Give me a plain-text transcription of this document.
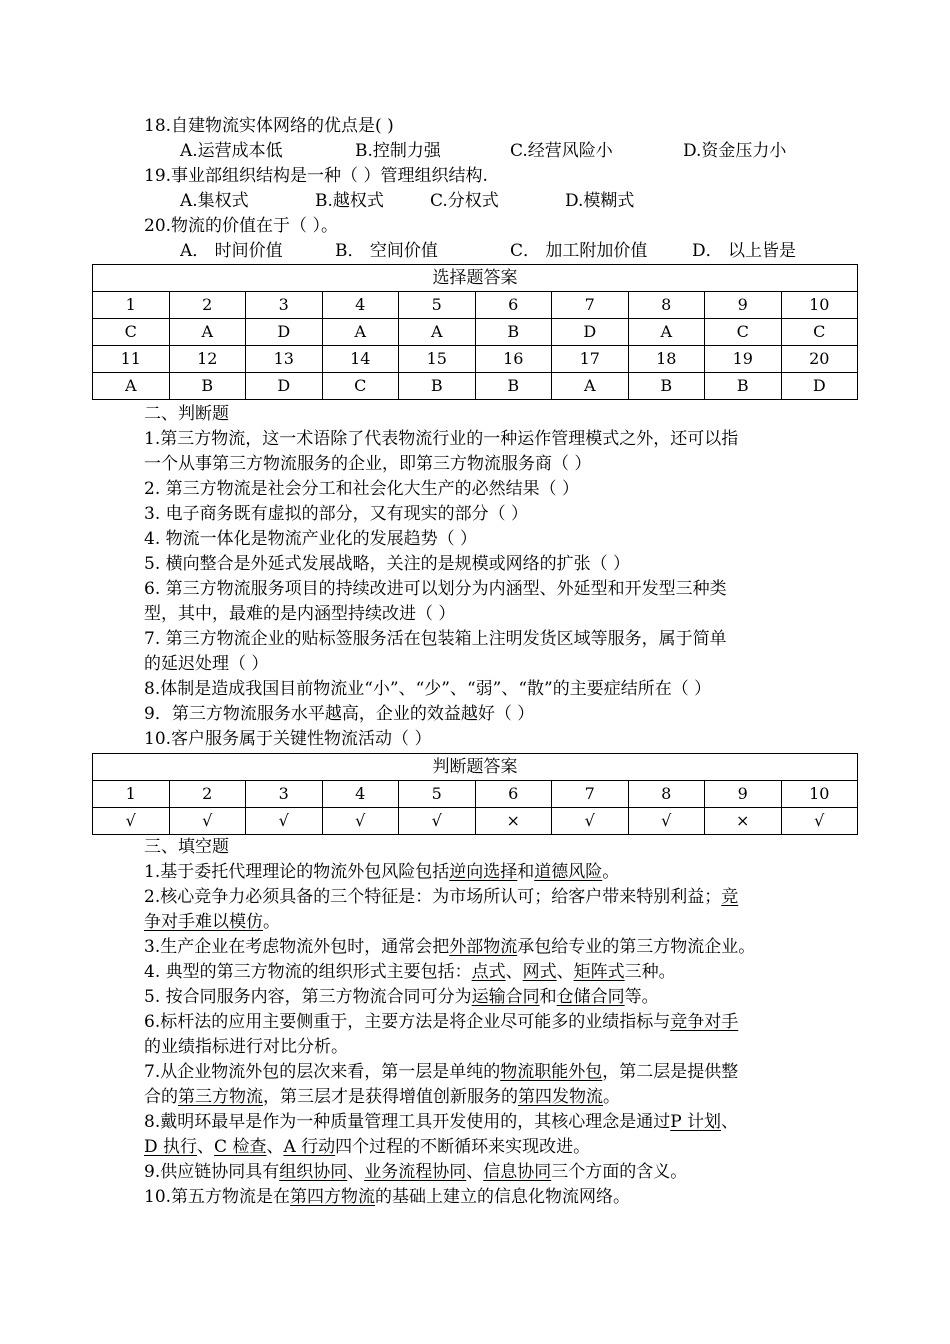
18.自建物流实体网络的优点是( )
A.运营成本低	B.控制力强	C.经营风险小	D.资金压力小
19.事业部组织结构是一种（ ）管理组织结构.
A.集权式	B.越权式	C.分权式	D.模糊式
20.物流的价值在于（ ）。
A． 时间价值	B． 空间价值	C． 加工附加价值	D． 以上皆是
选择题答案									
1	2	3	4	5	6	7	8	9	10
C	A	D	A	A	B	D	A	C	C
11	12	13	14	15	16	17	18	19	20
A	B	D	C	B	B	A	B	B	D
二、判断题
1.第三方物流，这一术语除了代表物流行业的一种运作管理模式之外，还可以指
一个从事第三方物流服务的企业，即第三方物流服务商（ ）
2. 第三方物流是社会分工和社会化大生产的必然结果（ ）
3. 电子商务既有虚拟的部分，又有现实的部分（ ）
4. 物流一体化是物流产业化的发展趋势（ ）
5. 横向整合是外延式发展战略，关注的是规模或网络的扩张（ ）
6. 第三方物流服务项目的持续改进可以划分为内涵型、外延型和开发型三种类
型，其中，最难的是内涵型持续改进（ ）
7. 第三方物流企业的贴标签服务活在包装箱上注明发货区域等服务，属于简单
的延迟处理（ ）
8.体制是造成我国目前物流业“小”、“少”、“弱”、“散”的主要症结所在（ ）
9．第三方物流服务水平越高，企业的效益越好（ ）
10.客户服务属于关键性物流活动（ ）
判断题答案									
1	2	3	4	5	6	7	8	9	10
√	√	√	√	√	×	√	√	×	√
三、填空题
1.基于委托代理理论的物流外包风险包括逆向选择和道德风险。
2.核心竞争力必须具备的三个特征是：为市场所认可；给客户带来特别利益；竞
争对手难以模仿。
3.生产企业在考虑物流外包时，通常会把外部物流承包给专业的第三方物流企业。
4. 典型的第三方物流的组织形式主要包括：点式、网式、矩阵式三种。
5. 按合同服务内容，第三方物流合同可分为运输合同和仓储合同等。
6.标杆法的应用主要侧重于，主要方法是将企业尽可能多的业绩指标与竞争对手
的业绩指标进行对比分析。
7.从企业物流外包的层次来看，第一层是单纯的物流职能外包，第二层是提供整
合的第三方物流，第三层才是获得增值创新服务的第四发物流。
8.戴明环最早是作为一种质量管理工具开发使用的，其核心理念是通过P 计划、
D 执行、C 检查、A 行动四个过程的不断循环来实现改进。
9.供应链协同具有组织协同、业务流程协同、信息协同三个方面的含义。
10.第五方物流是在第四方物流的基础上建立的信息化物流网络。
